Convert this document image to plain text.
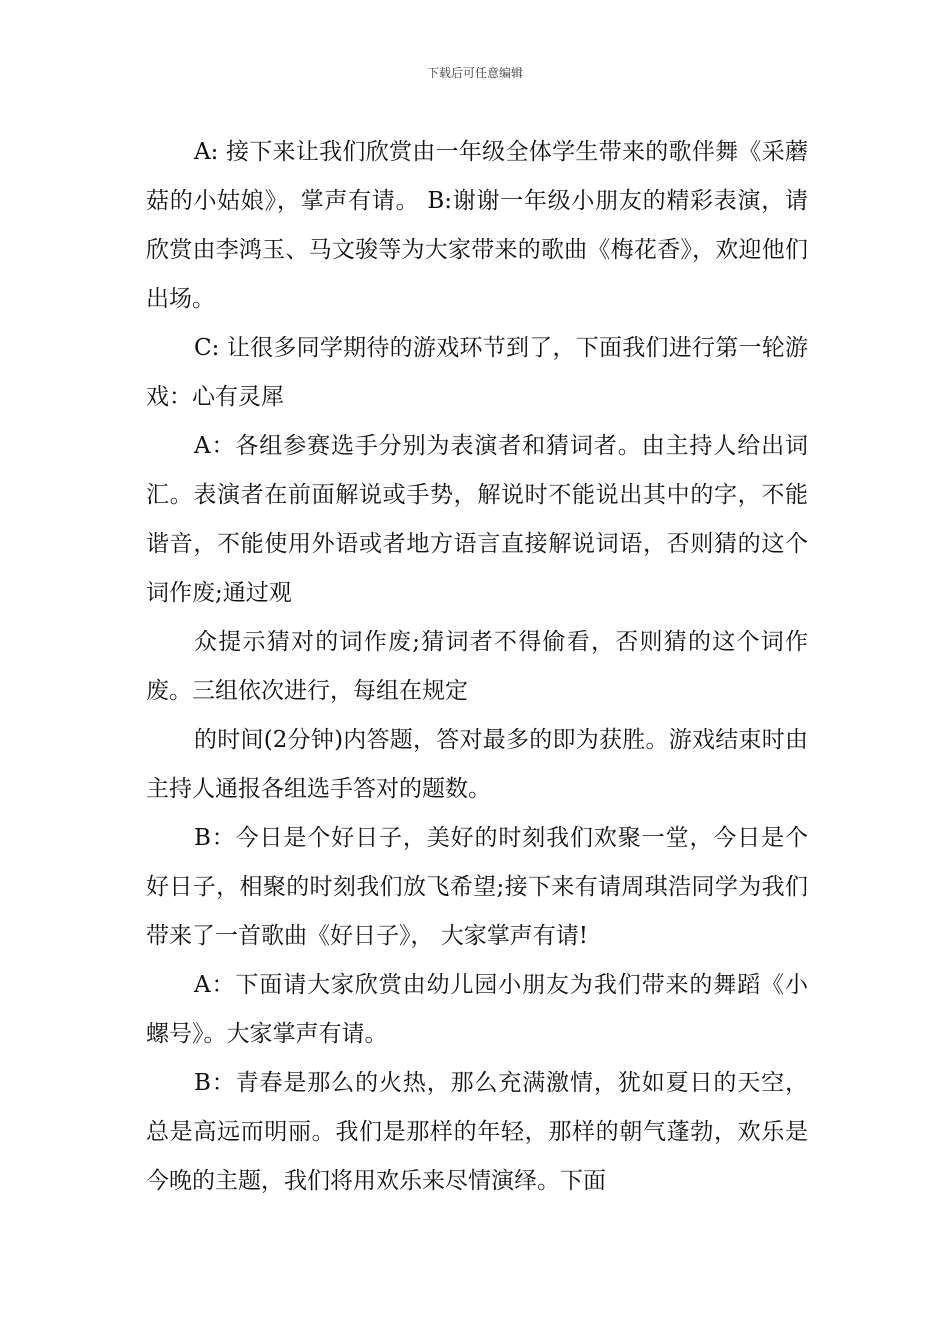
下载后可任意编辑

A: 接下来让我们欣赏由一年级全体学生带来的歌伴舞《采蘑菇的小姑娘》，掌声有请。 B:谢谢一年级小朋友的精彩表演，请欣赏由李鸿玉、马文骏等为大家带来的歌曲《梅花香》，欢迎他们出场。

C: 让很多同学期待的游戏环节到了，下面我们进行第一轮游戏：心有灵犀

A：各组参赛选手分别为表演者和猜词者。由主持人给出词汇。表演者在前面解说或手势，解说时不能说出其中的字，不能谐音，不能使用外语或者地方语言直接解说词语，否则猜的这个词作废;通过观

众提示猜对的词作废;猜词者不得偷看，否则猜的这个词作废。三组依次进行，每组在规定

的时间(2分钟)内答题，答对最多的即为获胜。游戏结束时由主持人通报各组选手答对的题数。

B：今日是个好日子，美好的时刻我们欢聚一堂，今日是个好日子，相聚的时刻我们放飞希望;接下来有请周琪浩同学为我们带来了一首歌曲《好日子》， 大家掌声有请!

A：下面请大家欣赏由幼儿园小朋友为我们带来的舞蹈《小螺号》。大家掌声有请。

B：青春是那么的火热，那么充满激情，犹如夏日的天空，总是高远而明丽。我们是那样的年轻，那样的朝气蓬勃，欢乐是今晚的主题，我们将用欢乐来尽情演绎。下面
